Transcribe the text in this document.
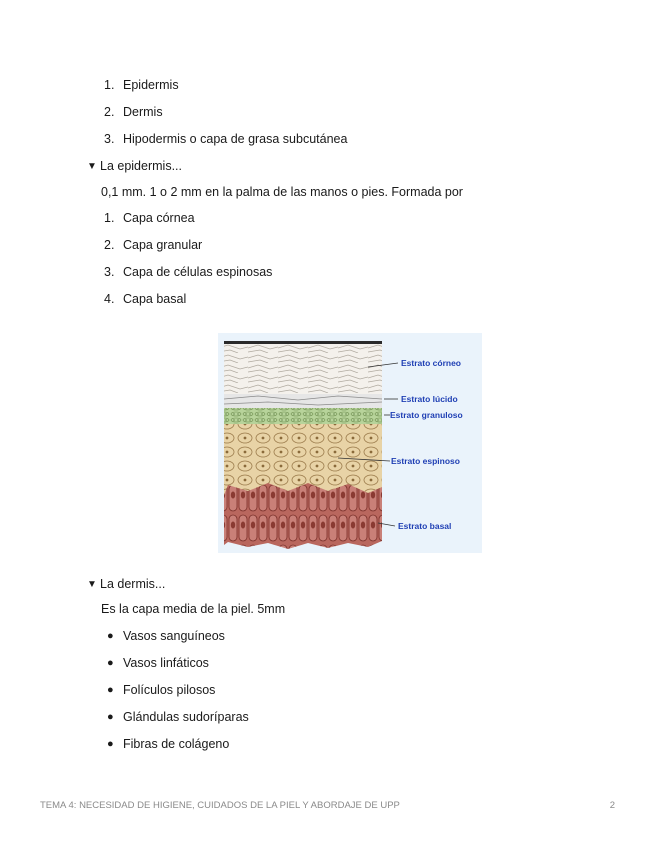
1. Epidermis
2. Dermis
3. Hipodermis o capa de grasa subcutánea
▼ La epidermis...
0,1 mm. 1 o 2 mm en la palma de las manos o pies. Formada por
1. Capa córnea
2. Capa granular
3. Capa de células espinosas
4. Capa basal
Estrato córneo
Estrato lúcido
Estrato granuloso
Estrato espinoso
Estrato basal
▼ La dermis...
Es la capa media de la piel. 5mm
● Vasos sanguíneos
● Vasos linfáticos
● Folículos pilosos
● Glándulas sudoríparas
● Fibras de colágeno
TEMA 4: NECESIDAD DE HIGIENE, CUIDADOS DE LA PIEL Y ABORDAJE DE UPP	2
